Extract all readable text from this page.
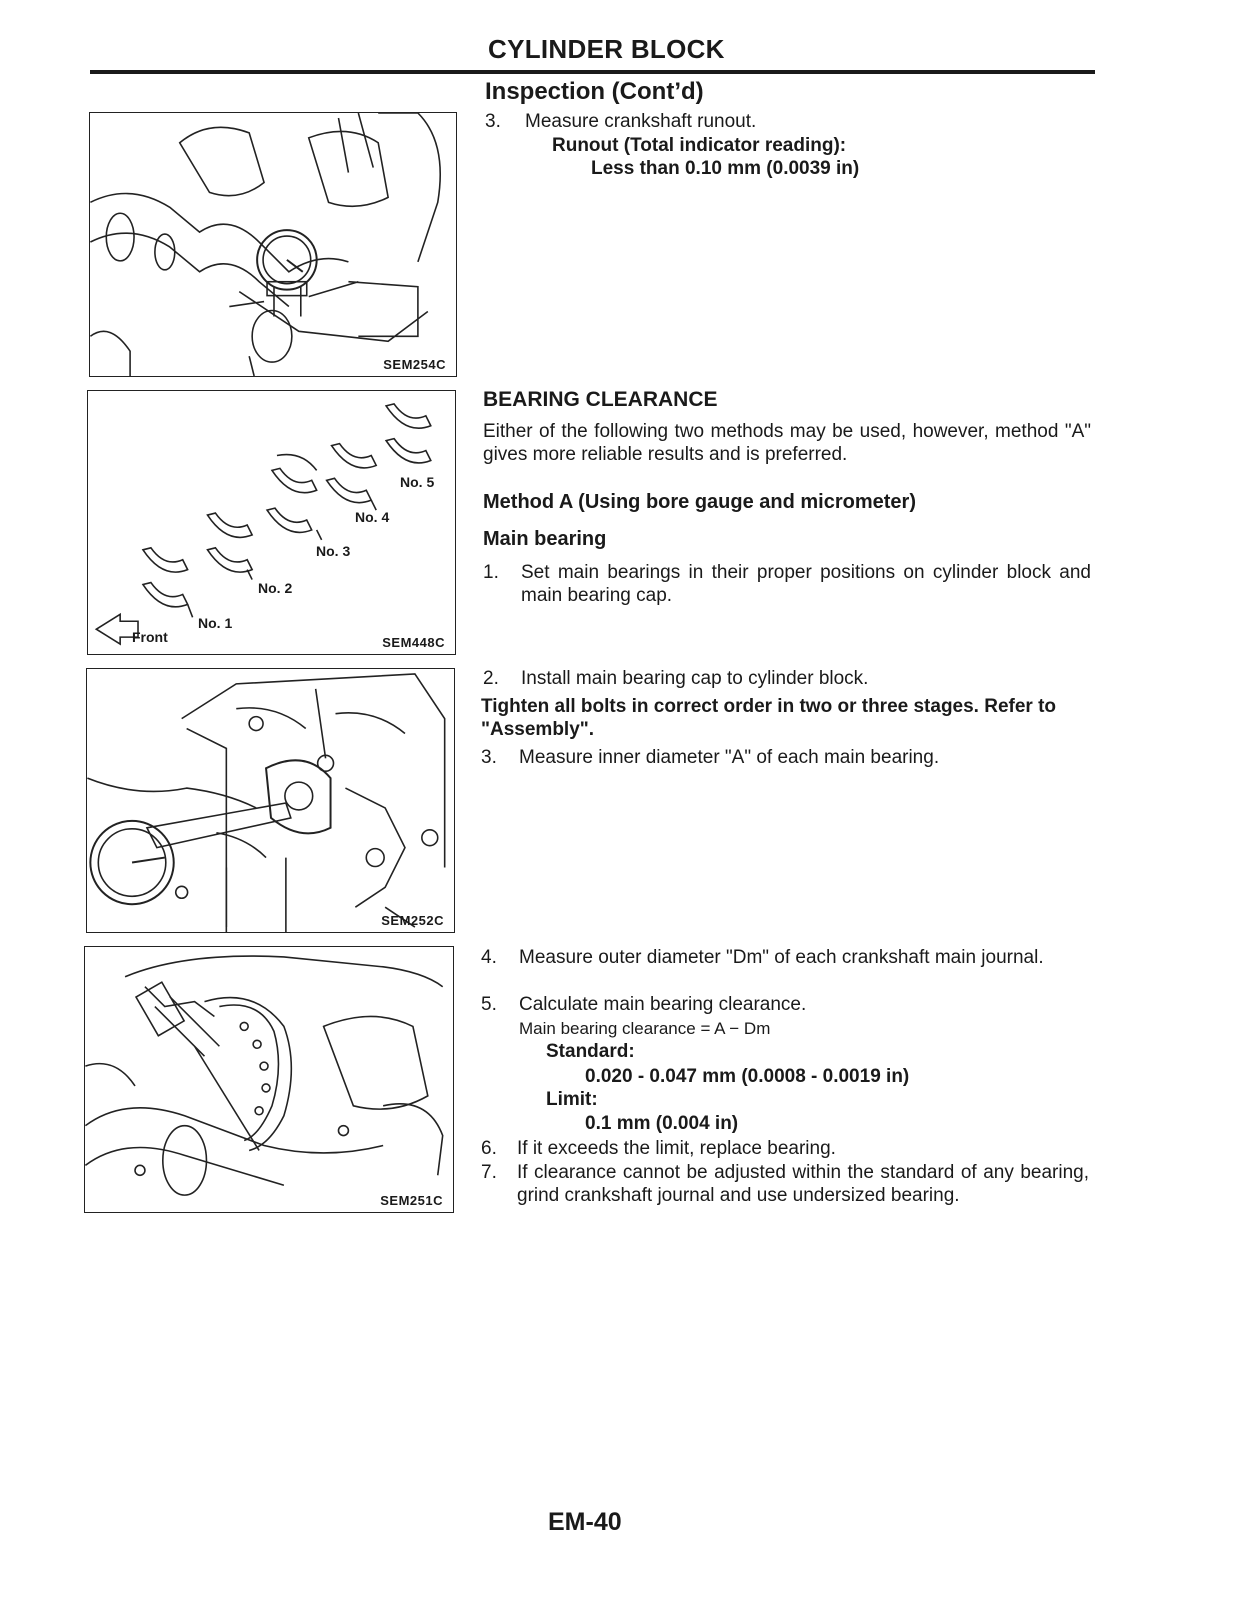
CYLINDER BLOCK
Inspection (Cont’d)
SEM254C
Front
No. 1
No. 2
No. 3
No. 4
No. 5
SEM448C
SEM252C
SEM251C
3.	Measure crankshaft runout.
Runout (Total indicator reading):
Less than 0.10 mm (0.0039 in)
BEARING CLEARANCE
Either of the following two methods may be used, however, method "A" gives more reliable results and is preferred.
Method A (Using bore gauge and micrometer)
Main bearing
1.	Set main bearings in their proper positions on cylinder block and main bearing cap.
2.	Install main bearing cap to cylinder block.
Tighten all bolts in correct order in two or three stages. Refer to "Assembly".
3.	Measure inner diameter "A" of each main bearing.
4.	Measure outer diameter "Dm" of each crankshaft main journal.
5.	Calculate main bearing clearance.
Main bearing clearance = A − Dm
Standard:
0.020 - 0.047 mm (0.0008 - 0.0019 in)
Limit:
0.1 mm (0.004 in)
6.	If it exceeds the limit, replace bearing.
7.	If clearance cannot be adjusted within the standard of any bearing, grind crankshaft journal and use undersized bearing.
EM-40
